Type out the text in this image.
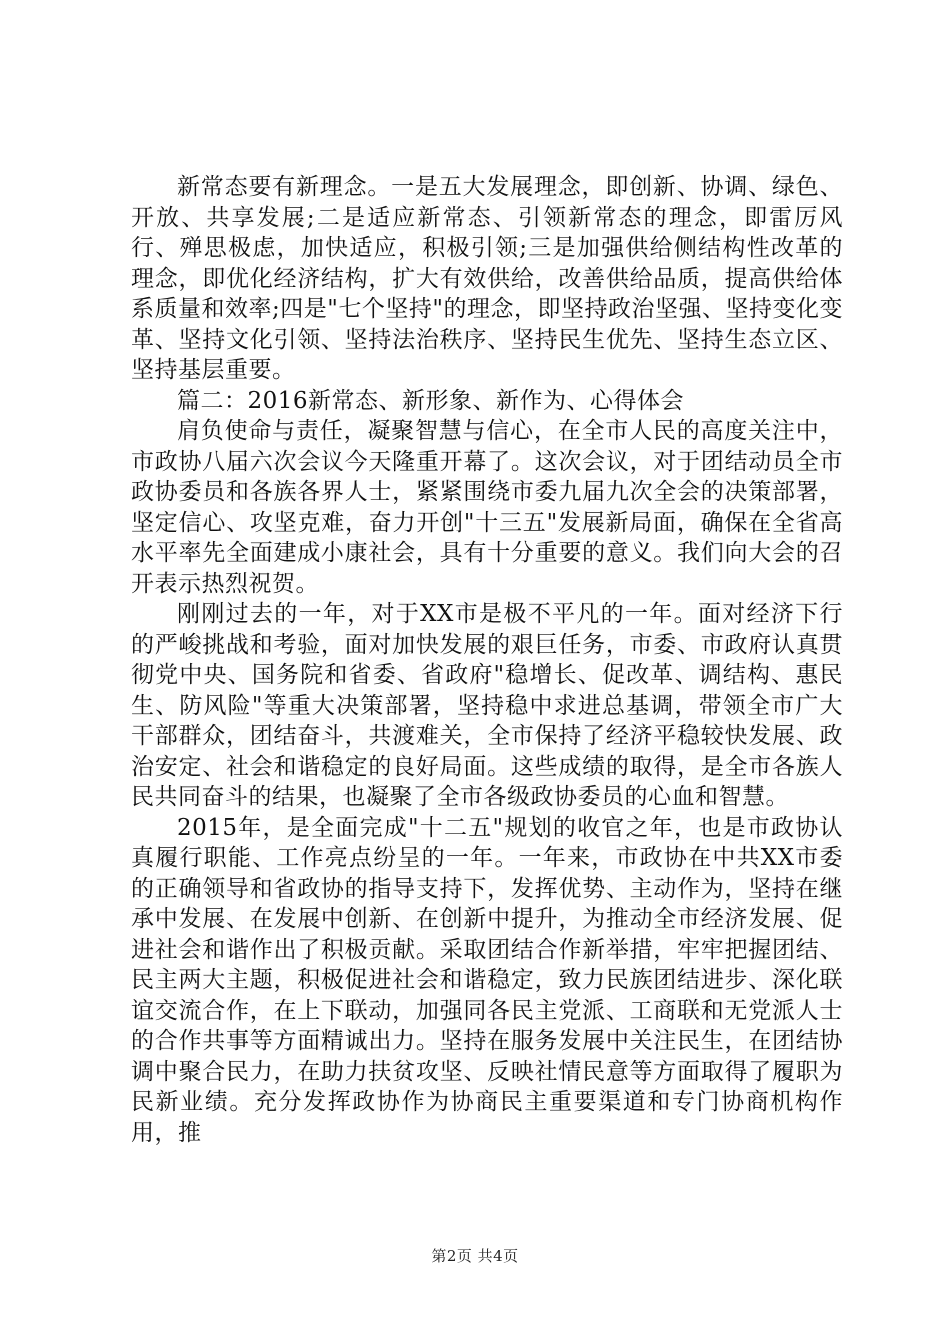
新常态要有新理念。一是五大发展理念，即创新、协调、绿色、开放、共享发展;二是适应新常态、引领新常态的理念，即雷厉风行、殚思极虑，加快适应，积极引领;三是加强供给侧结构性改革的理念，即优化经济结构，扩大有效供给，改善供给品质，提高供给体系质量和效率;四是"七个坚持"的理念，即坚持政治坚强、坚持变化变革、坚持文化引领、坚持法治秩序、坚持民生优先、坚持生态立区、坚持基层重要。

篇二：2016新常态、新形象、新作为、心得体会

肩负使命与责任，凝聚智慧与信心，在全市人民的高度关注中，市政协八届六次会议今天隆重开幕了。这次会议，对于团结动员全市政协委员和各族各界人士，紧紧围绕市委九届九次全会的决策部署，坚定信心、攻坚克难，奋力开创"十三五"发展新局面，确保在全省高水平率先全面建成小康社会，具有十分重要的意义。我们向大会的召开表示热烈祝贺。

刚刚过去的一年，对于XX市是极不平凡的一年。面对经济下行的严峻挑战和考验，面对加快发展的艰巨任务，市委、市政府认真贯彻党中央、国务院和省委、省政府"稳增长、促改革、调结构、惠民生、防风险"等重大决策部署，坚持稳中求进总基调，带领全市广大干部群众，团结奋斗，共渡难关，全市保持了经济平稳较快发展、政治安定、社会和谐稳定的良好局面。这些成绩的取得，是全市各族人民共同奋斗的结果，也凝聚了全市各级政协委员的心血和智慧。

2015年，是全面完成"十二五"规划的收官之年，也是市政协认真履行职能、工作亮点纷呈的一年。一年来，市政协在中共XX市委的正确领导和省政协的指导支持下，发挥优势、主动作为，坚持在继承中发展、在发展中创新、在创新中提升，为推动全市经济发展、促进社会和谐作出了积极贡献。采取团结合作新举措，牢牢把握团结、民主两大主题，积极促进社会和谐稳定，致力民族团结进步、深化联谊交流合作，在上下联动，加强同各民主党派、工商联和无党派人士的合作共事等方面精诚出力。坚持在服务发展中关注民生，在团结协调中聚合民力，在助力扶贫攻坚、反映社情民意等方面取得了履职为民新业绩。充分发挥政协作为协商民主重要渠道和专门协商机构作用，推

第2页 共4页
